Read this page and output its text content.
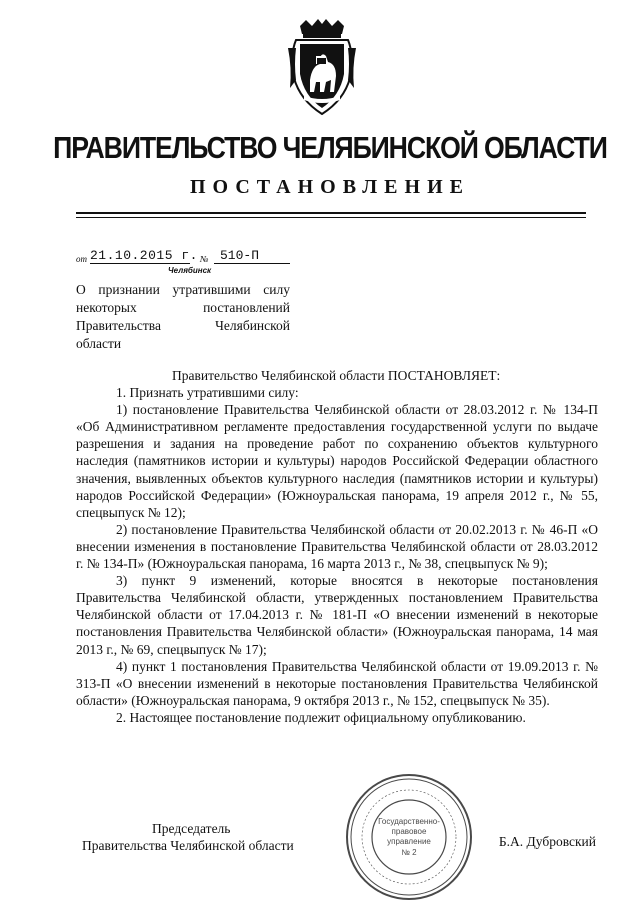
ПРАВИТЕЛЬСТВО ЧЕЛЯБИНСКОЙ ОБЛАСТИ
ПОСТАНОВЛЕНИЕ
от 21.10.2015 г. № 510-П
Челябинск
О признании утратившими силу
некоторых постановлений
Правительства Челябинской
области

Правительство Челябинской области ПОСТАНОВЛЯЕТ:

1. Признать утратившими силу:

1) постановление Правительства Челябинской области от 28.03.2012 г. № 134-П «Об Административном регламенте предоставления государственной услуги по выдаче разрешения и задания на проведение работ по сохранению объектов культурного наследия (памятников истории и культуры) народов Российской Федерации областного значения, выявленных объектов культурного наследия (памятников истории и культуры) народов Российской Федерации» (Южноуральская панорама, 19 апреля 2012 г., № 55, спецвыпуск № 12);

2) постановление Правительства Челябинской области от 20.02.2013 г. № 46-П «О внесении изменения в постановление Правительства Челябинской области от 28.03.2012 г. № 134-П» (Южноуральская панорама, 16 марта 2013 г., № 38, спецвыпуск № 9);

3) пункт 9 изменений, которые вносятся в некоторые постановления Правительства Челябинской области, утвержденных постановлением Правительства Челябинской области от 17.04.2013 г. № 181-П «О внесении изменений в некоторые постановления Правительства Челябинской области» (Южноуральская панорама, 14 мая 2013 г., № 69, спецвыпуск № 17);

4) пункт 1 постановления Правительства Челябинской области от 19.09.2013 г. № 313-П «О внесении изменений в некоторые постановления Правительства Челябинской области» (Южноуральская панорама, 9 октября 2013 г., № 152, спецвыпуск № 35).

2. Настоящее постановление подлежит официальному опубликованию.

Государственно-
правовое
управление
№ 2
Председатель
Правительства Челябинской области	Б.А. Дубровский
